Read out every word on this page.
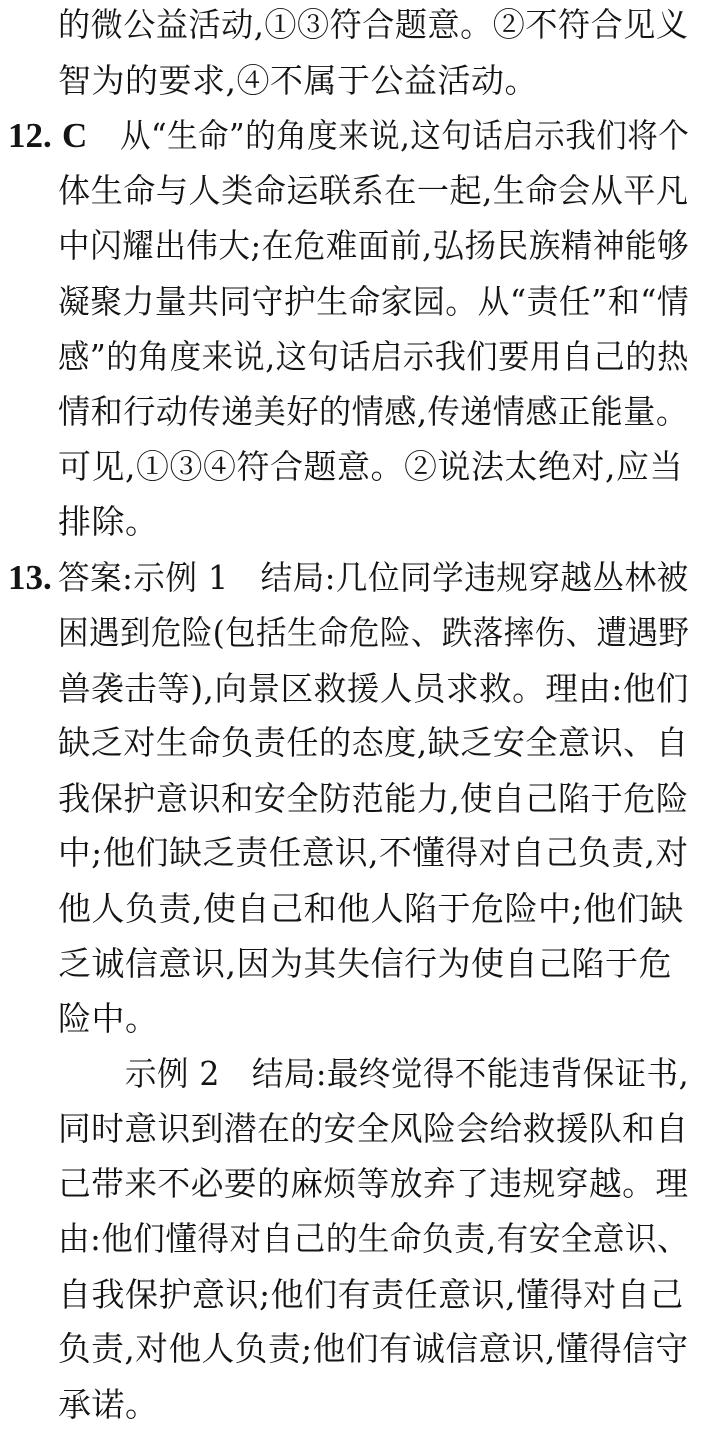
的微公益活动,①③符合题意。②不符合见义
智为的要求,④不属于公益活动。
12. C 从“生命”的角度来说,这句话启示我们将个
体生命与人类命运联系在一起,生命会从平凡
中闪耀出伟大;在危难面前,弘扬民族精神能够
凝聚力量共同守护生命家园。从“责任”和“情
感”的角度来说,这句话启示我们要用自己的热
情和行动传递美好的情感,传递情感正能量。
可见,①③④符合题意。②说法太绝对,应当
排除。
13. 答案:示例 1　结局:几位同学违规穿越丛林被
困遇到危险(包括生命危险、跌落摔伤、遭遇野
兽袭击等),向景区救援人员求救。理由:他们
缺乏对生命负责任的态度,缺乏安全意识、自
我保护意识和安全防范能力,使自己陷于危险
中;他们缺乏责任意识,不懂得对自己负责,对
他人负责,使自己和他人陷于危险中;他们缺
乏诚信意识,因为其失信行为使自己陷于危
险中。
示例 2　结局:最终觉得不能违背保证书,
同时意识到潜在的安全风险会给救援队和自
己带来不必要的麻烦等放弃了违规穿越。理
由:他们懂得对自己的生命负责,有安全意识、
自我保护意识;他们有责任意识,懂得对自己
负责,对他人负责;他们有诚信意识,懂得信守
承诺。
